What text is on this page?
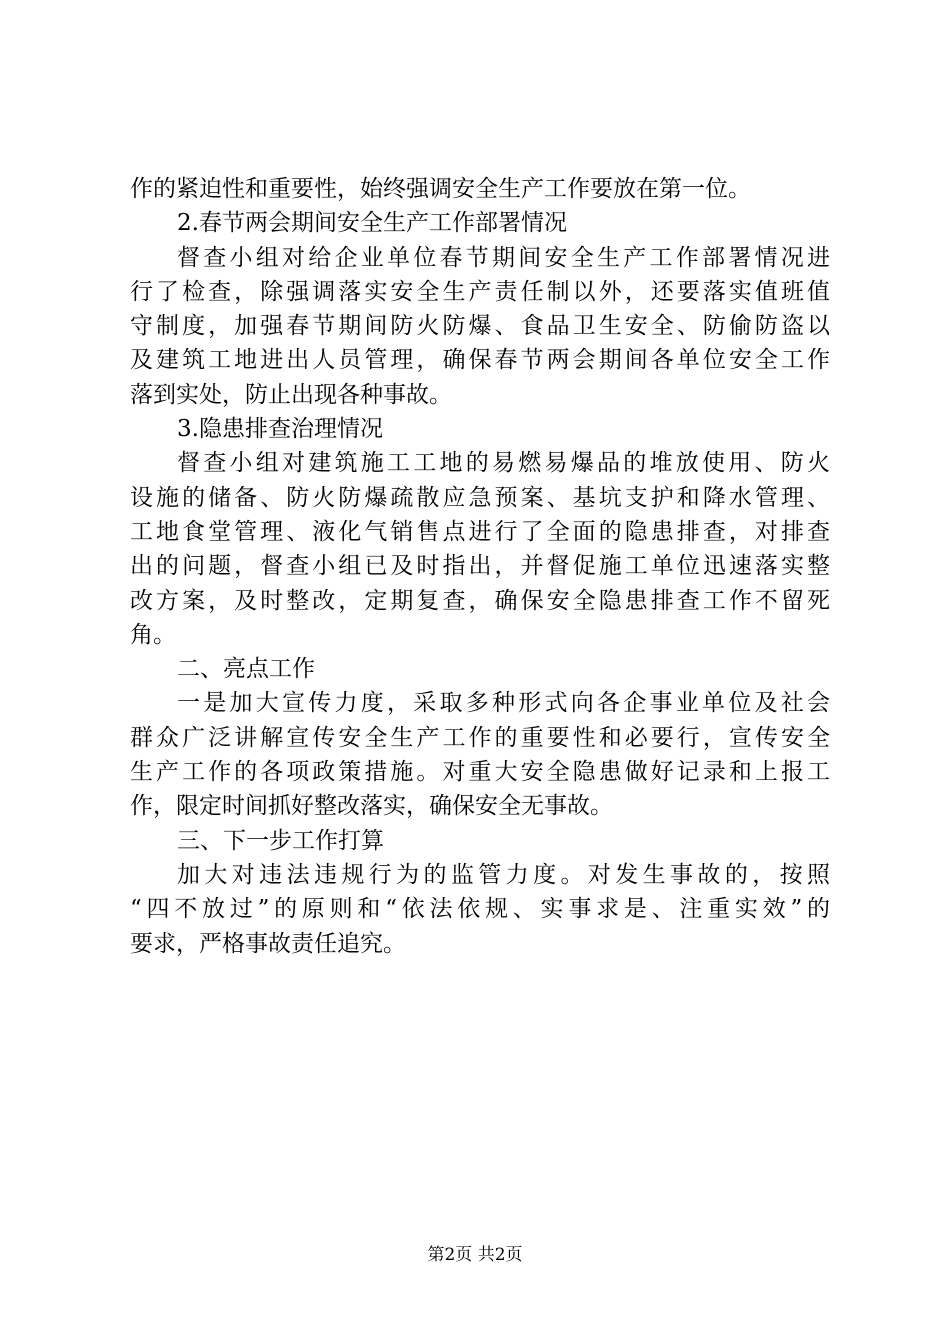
作的紧迫性和重要性，始终强调安全生产工作要放在第一位。
2.春节两会期间安全生产工作部署情况
督查小组对给企业单位春节期间安全生产工作部署情况进
行了检查，除强调落实安全生产责任制以外，还要落实值班值
守制度，加强春节期间防火防爆、食品卫生安全、防偷防盗以
及建筑工地进出人员管理，确保春节两会期间各单位安全工作
落到实处，防止出现各种事故。
3.隐患排查治理情况
督查小组对建筑施工工地的易燃易爆品的堆放使用、防火
设施的储备、防火防爆疏散应急预案、基坑支护和降水管理、
工地食堂管理、液化气销售点进行了全面的隐患排查，对排查
出的问题，督查小组已及时指出，并督促施工单位迅速落实整
改方案，及时整改，定期复查，确保安全隐患排查工作不留死
角。
二、亮点工作
一是加大宣传力度，采取多种形式向各企事业单位及社会
群众广泛讲解宣传安全生产工作的重要性和必要行，宣传安全
生产工作的各项政策措施。对重大安全隐患做好记录和上报工
作，限定时间抓好整改落实，确保安全无事故。
三、下一步工作打算
加大对违法违规行为的监管力度。对发生事故的，按照
“四不放过”的原则和“依法依规、实事求是、注重实效”的
要求，严格事故责任追究。
第2页 共2页
